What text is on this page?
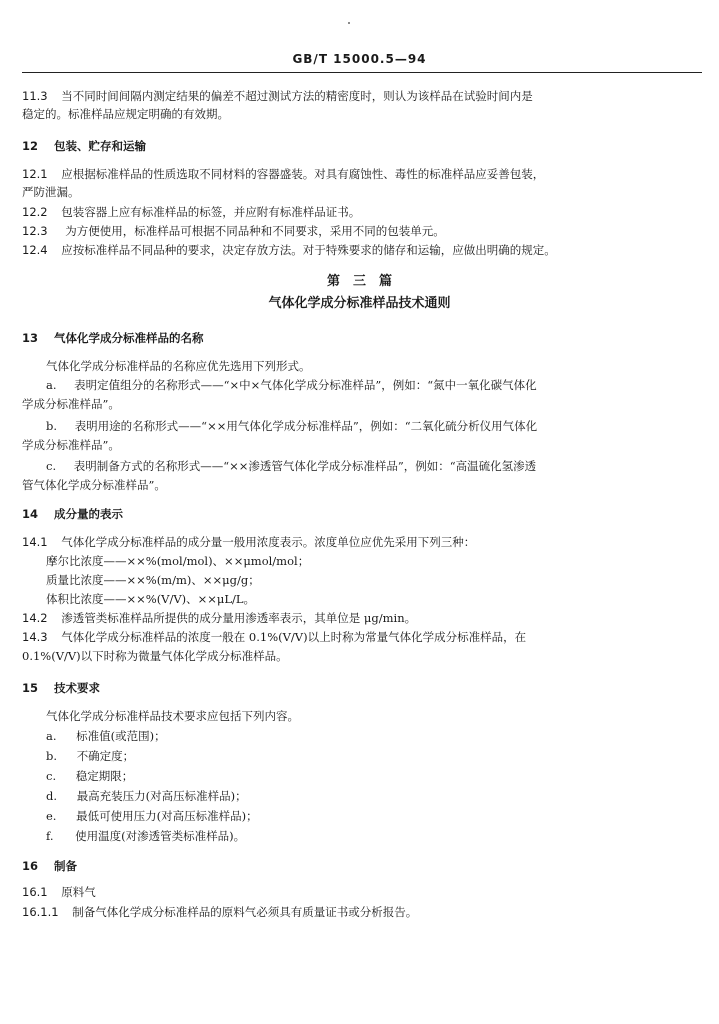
GB/T 15000.5—94
11.3 当不同时间间隔内测定结果的偏差不超过测试方法的精密度时，则认为该样品在试验时间内是
稳定的。标准样品应规定明确的有效期。
12 包装、贮存和运输
12.1 应根据标准样品的性质选取不同材料的容器盛装。对具有腐蚀性、毒性的标准样品应妥善包装，
严防泄漏。
12.2 包装容器上应有标准样品的标签，并应附有标准样品证书。
12.3 为方便使用，标准样品可根据不同品种和不同要求，采用不同的包装单元。
12.4 应按标准样品不同品种的要求，决定存放方法。对于特殊要求的储存和运输，应做出明确的规定。
第　三　篇
气体化学成分标准样品技术通则
13 气体化学成分标准样品的名称
气体化学成分标准样品的名称应优先选用下列形式。
a. 表明定值组分的名称形式——“×中×气体化学成分标准样品”，例如：“氮中一氧化碳气体化
学成分标准样品”。
b. 表明用途的名称形式——“××用气体化学成分标准样品”，例如：“二氧化硫分析仪用气体化
学成分标准样品”。
c. 表明制备方式的名称形式——“××渗透管气体化学成分标准样品”，例如：“高温硫化氢渗透
管气体化学成分标准样品”。
14 成分量的表示
14.1 气体化学成分标准样品的成分量一般用浓度表示。浓度单位应优先采用下列三种：
摩尔比浓度——××%(mol/mol)、××μmol/mol；
质量比浓度——××%(m/m)、××μg/g；
体积比浓度——××%(V/V)、××μL/L。
14.2 渗透管类标准样品所提供的成分量用渗透率表示，其单位是 μg/min。
14.3 气体化学成分标准样品的浓度一般在 0.1%(V/V)以上时称为常量气体化学成分标准样品，在
0.1%(V/V)以下时称为微量气体化学成分标准样品。
15 技术要求
气体化学成分标准样品技术要求应包括下列内容。
a. 标准值(或范围)；
b. 不确定度；
c. 稳定期限；
d. 最高充装压力(对高压标准样品)；
e. 最低可使用压力(对高压标准样品)；
f. 使用温度(对渗透管类标准样品)。
16 制备
16.1 原料气
16.1.1 制备气体化学成分标准样品的原料气必须具有质量证书或分析报告。
